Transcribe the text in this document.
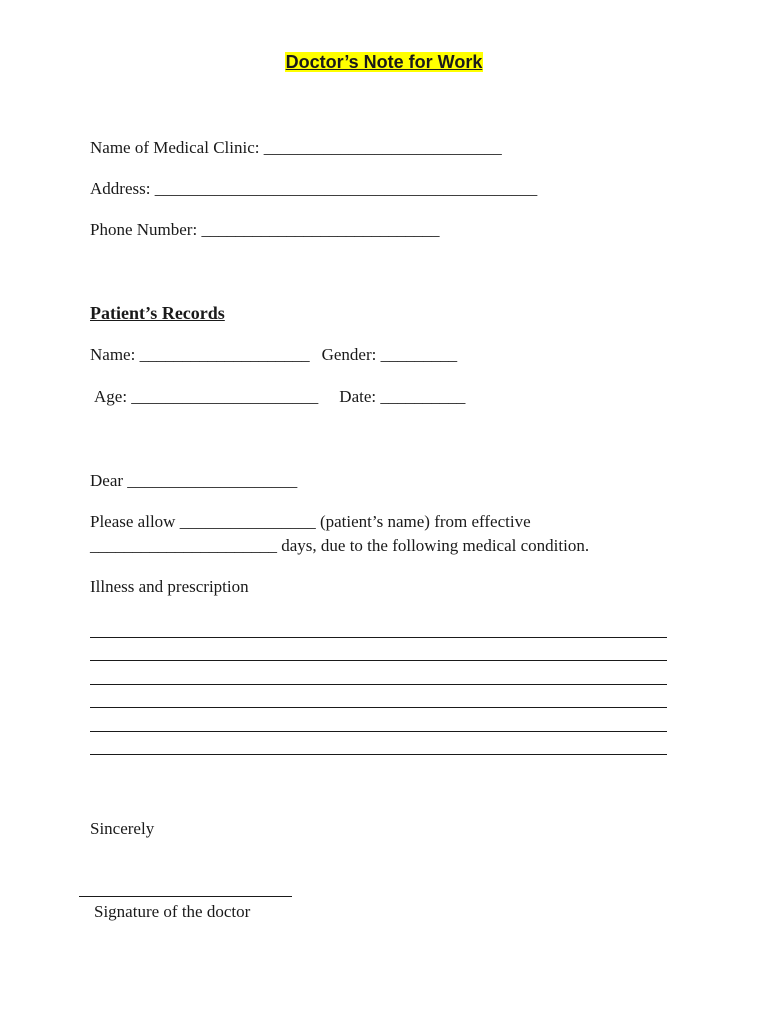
Doctor’s Note for Work
Name of Medical Clinic: ____________________________
Address: _____________________________________________
Phone Number: ____________________________
Patient’s Records
Name: ____________________ Gender: _________
Age: ______________________ Date: __________
Dear ____________________
Please allow ________________ (patient’s name) from effective
______________________ days, due to the following medical condition.
Illness and prescription
Sincerely
Signature of the doctor
